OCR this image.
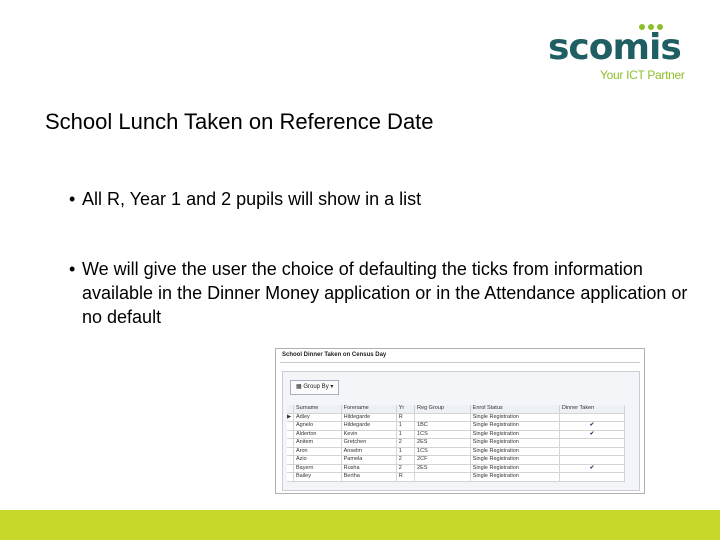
scomis
Your ICT Partner
School Lunch Taken on Reference Date
• All R, Year 1 and 2 pupils will show in a list
• We will give the user the choice of defaulting the ticks from information available in the Dinner Money application or in the Attendance application or no default
School Dinner Taken on Census Day
▦ Group By ▾
	Surname	Forename	Yr	Reg Group	Enrol Status	Dinner Taken
▶	Adley	Hildegarde	R		Single Registration	
	Agnelo	Hildegarde	1	1BC	Single Registration	✔
	Alderton	Kevin	1	1CS	Single Registration	✔
	Anitem	Gretchen	2	2ES	Single Registration	
	Aron	Anselm	1	1CS	Single Registration	
	Azio	Pamela	2	2CF	Single Registration	
	Bayern	Rusha	2	2ES	Single Registration	✔
	Bailey	Bertha	R		Single Registration	
